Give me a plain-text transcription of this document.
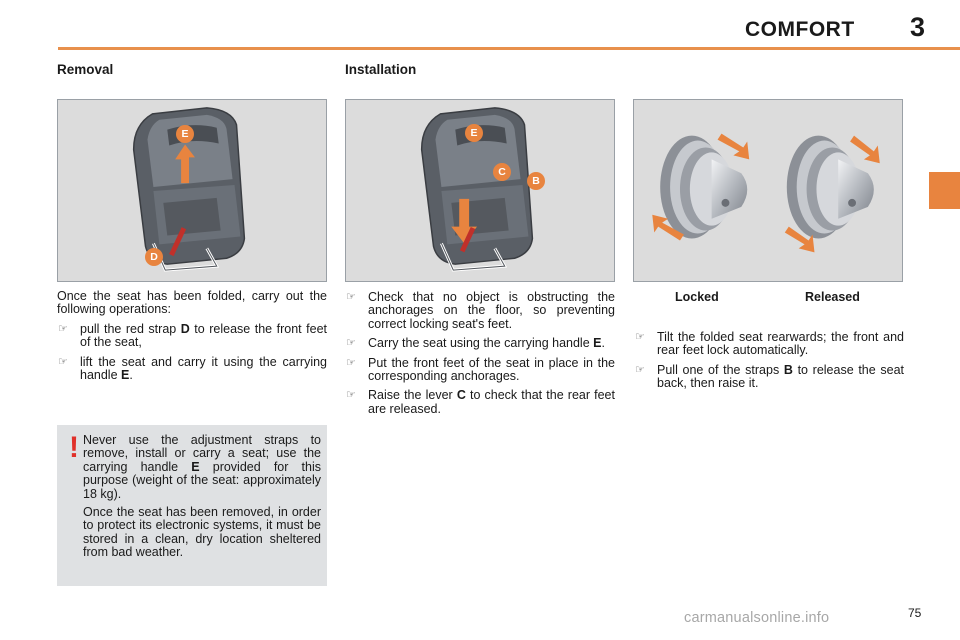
COMFORT 3
Removal	Installation
E
D
E
C
B
Locked	Released

Once the seat has been folded, carry out the following operations:

☞ pull the red strap D to release the front feet of the seat,
☞ lift the seat and carry it using the carrying handle E.
! Never use the adjustment straps to remove, install or carry a seat; use the carrying handle E provided for this purpose (weight of the seat: approximately 18 kg).

Once the seat has been removed, in order to protect its electronic systems, it must be stored in a clean, dry location sheltered from bad weather.

☞ Check that no object is obstructing the anchorages on the floor, so preventing correct locking seat's feet.
☞ Carry the seat using the carrying handle E.
☞ Put the front feet of the seat in place in the corresponding anchorages.
☞ Raise the lever C to check that the rear feet are released.
☞ Tilt the folded seat rearwards; the front and rear feet lock automatically.
☞ Pull one of the straps B to release the seat back, then raise it.
75
carmanualsonline.info
